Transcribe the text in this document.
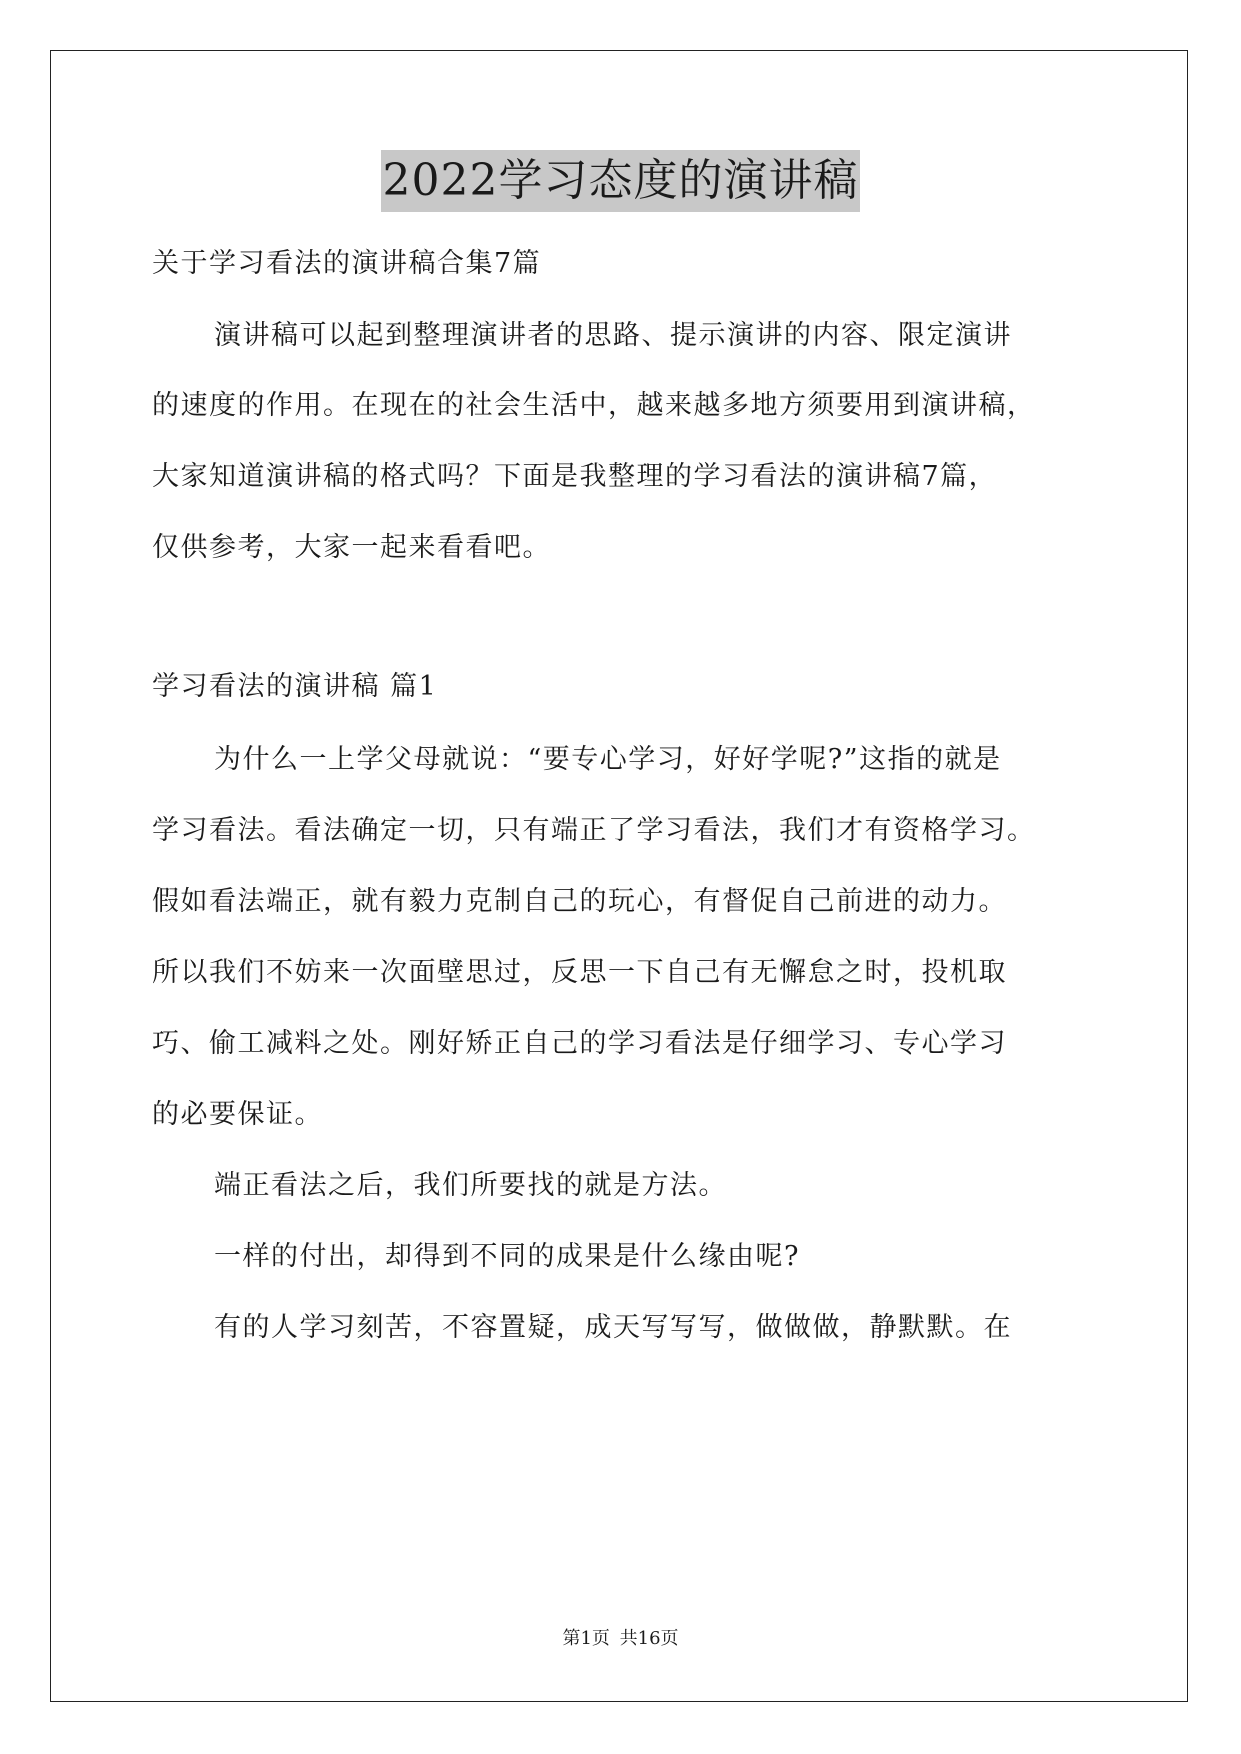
2022学习态度的演讲稿
关于学习看法的演讲稿合集7篇
演讲稿可以起到整理演讲者的思路、提示演讲的内容、限定演讲
的速度的作用。在现在的社会生活中，越来越多地方须要用到演讲稿，
大家知道演讲稿的格式吗？下面是我整理的学习看法的演讲稿7篇，
仅供参考，大家一起来看看吧。
学习看法的演讲稿 篇1
为什么一上学父母就说：“要专心学习，好好学呢?”这指的就是
学习看法。看法确定一切，只有端正了学习看法，我们才有资格学习。
假如看法端正，就有毅力克制自己的玩心，有督促自己前进的动力。
所以我们不妨来一次面壁思过，反思一下自己有无懈怠之时，投机取
巧、偷工减料之处。刚好矫正自己的学习看法是仔细学习、专心学习
的必要保证。
端正看法之后，我们所要找的就是方法。
一样的付出，却得到不同的成果是什么缘由呢?
有的人学习刻苦，不容置疑，成天写写写，做做做，静默默。在
第1页 共16页
